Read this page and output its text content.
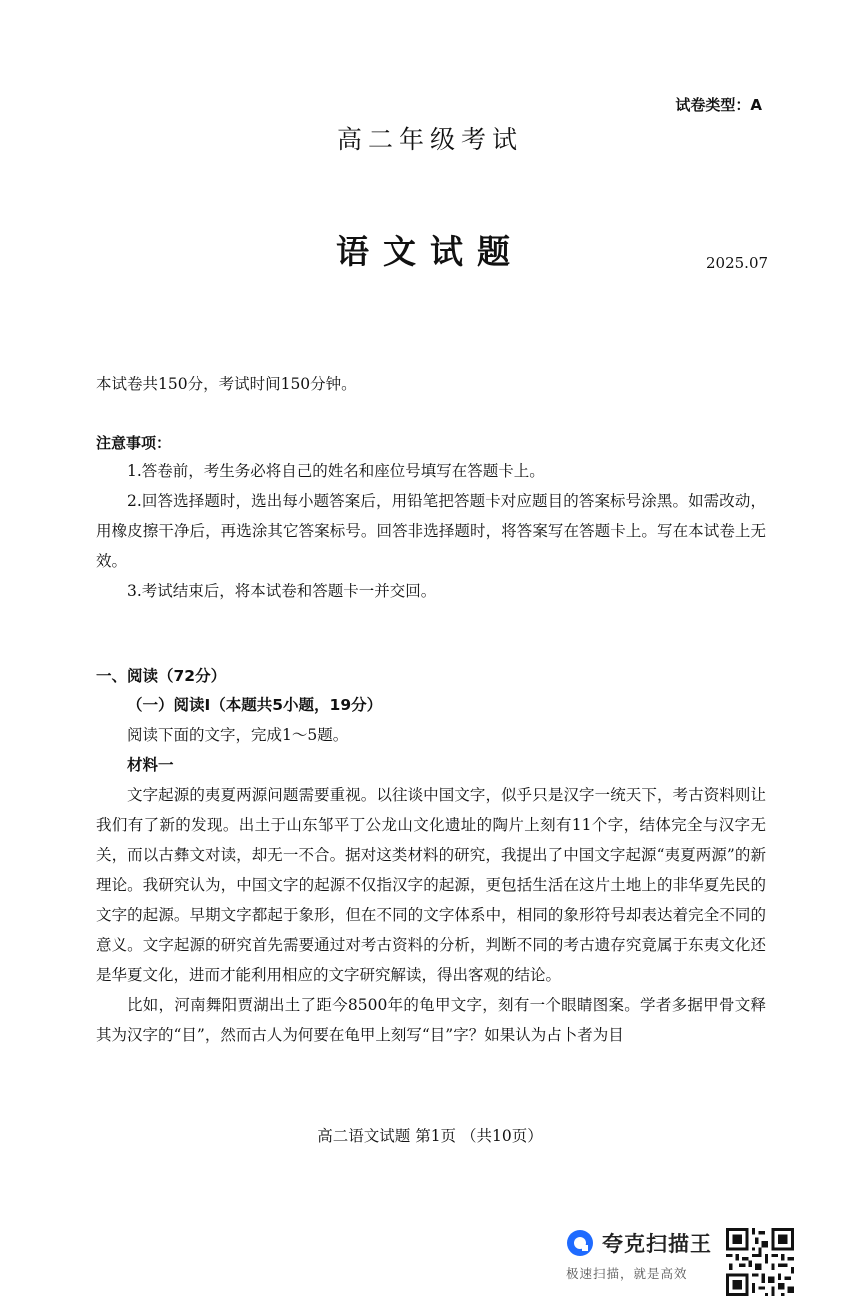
试卷类型：A
高二年级考试
语文试题	2025.07
本试卷共150分，考试时间150分钟。
注意事项：

1.答卷前，考生务必将自己的姓名和座位号填写在答题卡上。

2.回答选择题时，选出每小题答案后，用铅笔把答题卡对应题目的答案标号涂黑。如需改动，用橡皮擦干净后，再选涂其它答案标号。回答非选择题时，将答案写在答题卡上。写在本试卷上无效。

3.考试结束后，将本试卷和答题卡一并交回。

一、阅读（72分）

（一）阅读Ⅰ（本题共5小题，19分）

阅读下面的文字，完成1～5题。

材料一

文字起源的夷夏两源问题需要重视。以往谈中国文字，似乎只是汉字一统天下，考古资料则让我们有了新的发现。出土于山东邹平丁公龙山文化遗址的陶片上刻有11个字，结体完全与汉字无关，而以古彝文对读，却无一不合。据对这类材料的研究，我提出了中国文字起源“夷夏两源”的新理论。我研究认为，中国文字的起源不仅指汉字的起源，更包括生活在这片土地上的非华夏先民的文字的起源。早期文字都起于象形，但在不同的文字体系中，相同的象形符号却表达着完全不同的意义。文字起源的研究首先需要通过对考古资料的分析，判断不同的考古遗存究竟属于东夷文化还是华夏文化，进而才能利用相应的文字研究解读，得出客观的结论。

比如，河南舞阳贾湖出土了距今8500年的龟甲文字，刻有一个眼睛图案。学者多据甲骨文释其为汉字的“目”，然而古人为何要在龟甲上刻写“目”字？如果认为占卜者为目

高二语文试题 第1页 （共10页）
夸克扫描王
极速扫描，就是高效
